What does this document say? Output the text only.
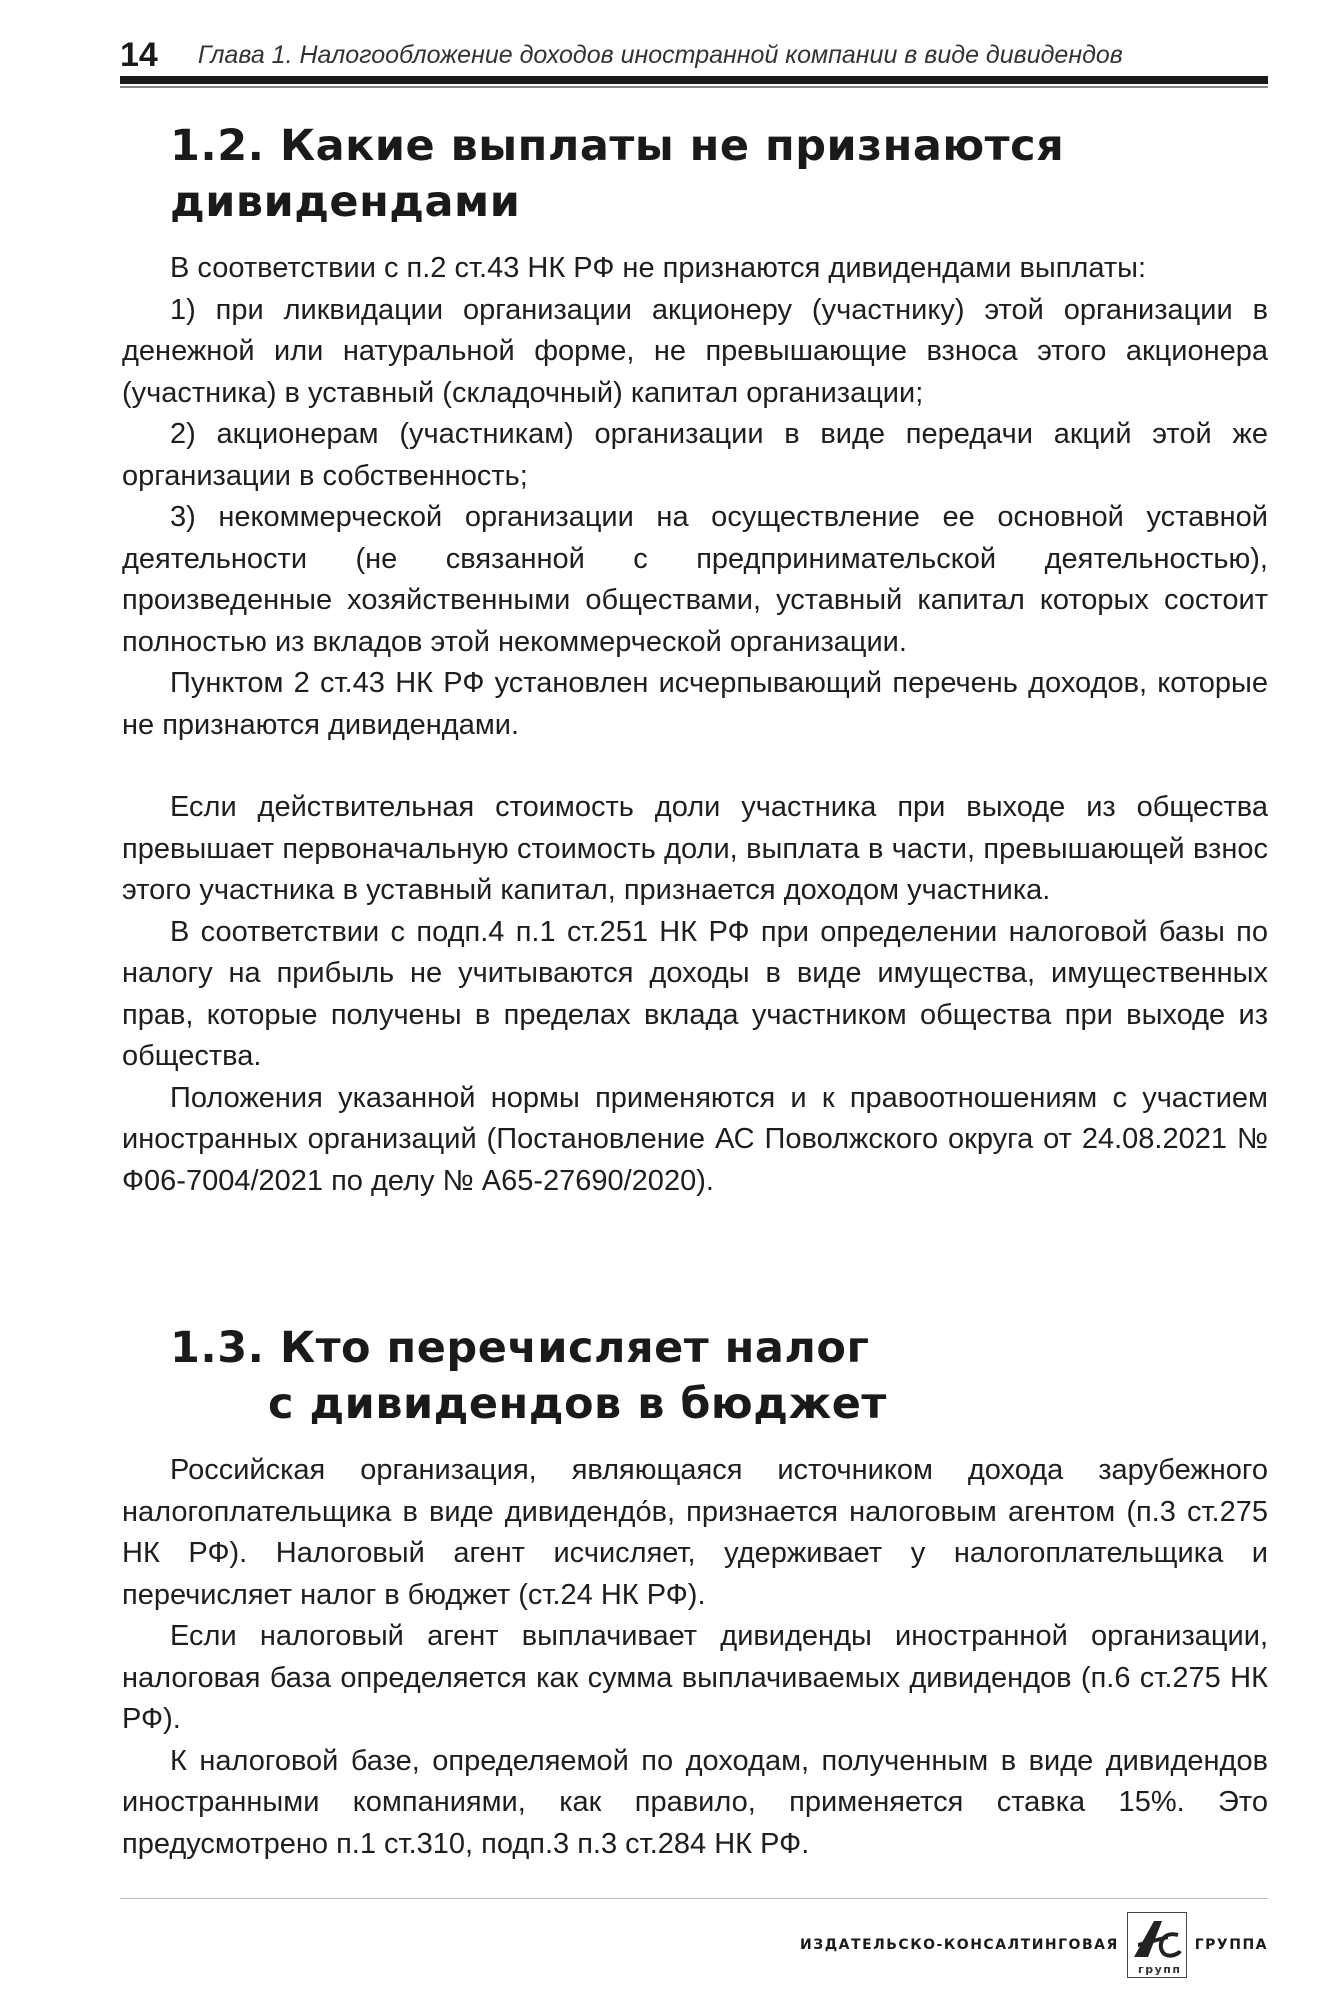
14 Глава 1. Налогообложение доходов иностранной компании в виде дивидендов
1.2. Какие выплаты не признаются дивидендами

В соответствии с п.2 ст.43 НК РФ не признаются дивидендами выплаты:

1) при ликвидации организации акционеру (участнику) этой организации в денежной или натуральной форме, не превышающие взноса этого акционера (участника) в уставный (складочный) капитал организации;

2) акционерам (участникам) организации в виде передачи акций этой же организации в собственность;

3) некоммерческой организации на осуществление ее основной уставной деятельности (не связанной с предпринимательской деятельностью), произведенные хозяйственными обществами, уставный капитал которых состоит полностью из вкладов этой некоммерческой организации.

Пунктом 2 ст.43 НК РФ установлен исчерпывающий перечень доходов, которые не признаются дивидендами.

Если действительная стоимость доли участника при выходе из общества превышает первоначальную стоимость доли, выплата в части, превышающей взнос этого участника в уставный капитал, признается доходом участника.

В соответствии с подп.4 п.1 ст.251 НК РФ при определении налоговой базы по налогу на прибыль не учитываются доходы в виде имущества, имущественных прав, которые получены в пределах вклада участником общества при выходе из общества.

Положения указанной нормы применяются и к правоотношениям с участием иностранных организаций (Постановление АС Поволжского округа от 24.08.2021 № Ф06-7004/2021 по делу № А65-27690/2020).

1.3. Кто перечисляет налог
с дивидендов в бюджет

Российская организация, являющаяся источником дохода зарубежного налогоплательщика в виде дивидендо́в, признается налоговым агентом (п.3 ст.275 НК РФ). Налоговый агент исчисляет, удерживает у налогоплательщика и перечисляет налог в бюджет (ст.24 НК РФ).

Если налоговый агент выплачивает дивиденды иностранной организации, налоговая база определяется как сумма выплачиваемых дивидендов (п.6 ст.275 НК РФ).

К налоговой базе, определяемой по доходам, полученным в виде дивидендов иностранными компаниями, как правило, применяется ставка 15%. Это предусмотрено п.1 ст.310, подп.3 п.3 ст.284 НК РФ.

ИЗДАТЕЛЬСКО-КОНСАЛТИНГОВАЯ
групп
ГРУППА
